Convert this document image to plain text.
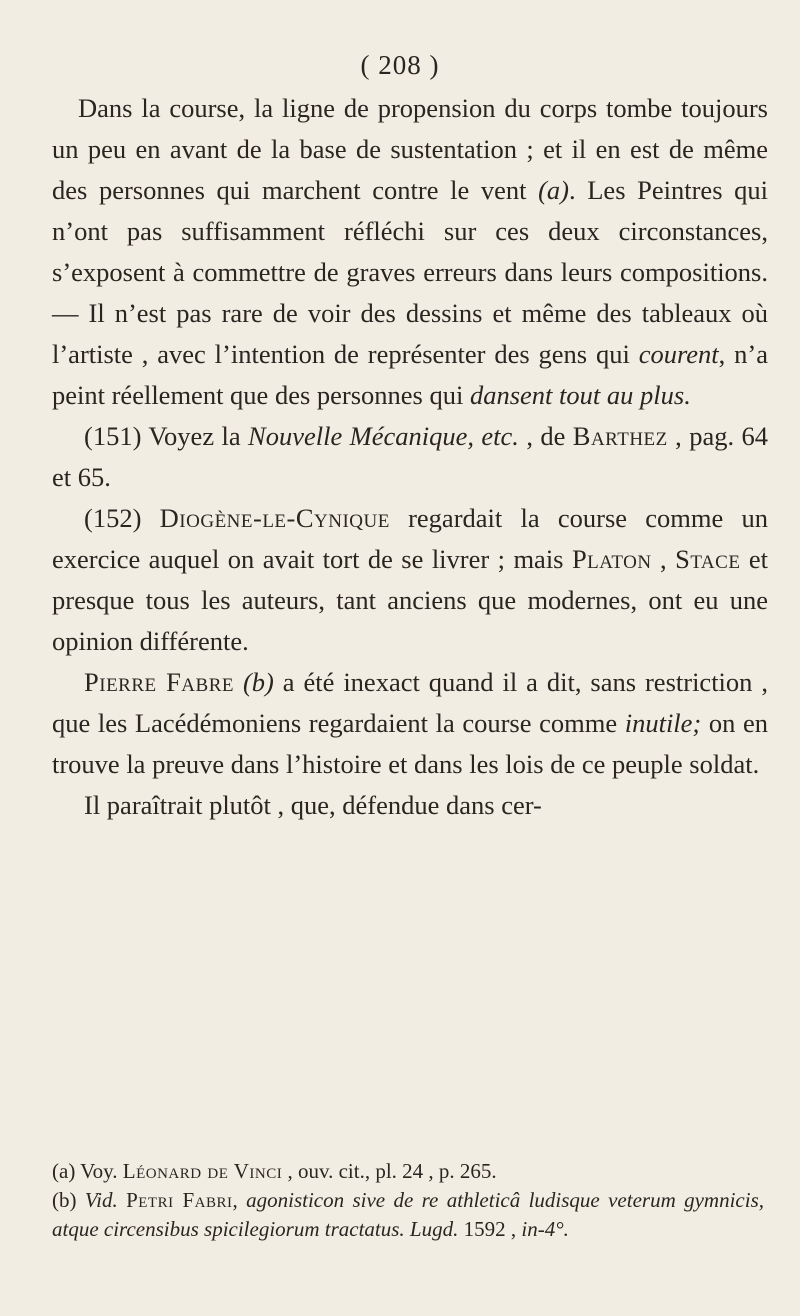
( 208 )

Dans la course, la ligne de propension du corps tombe toujours un peu en avant de la base de sustentation ; et il en est de même des personnes qui marchent contre le vent (a). Les Peintres qui n’ont pas suffisamment réfléchi sur ces deux circonstances, s’exposent à commettre de graves erreurs dans leurs compositions. — Il n’est pas rare de voir des dessins et même des tableaux où l’artiste , avec l’intention de représenter des gens qui courent, n’a peint réellement que des personnes qui dansent tout au plus.

(151) Voyez la Nouvelle Mécanique, etc. , de Barthez , pag. 64 et 65.

(152) Diogène-le-Cynique regardait la course comme un exercice auquel on avait tort de se livrer ; mais Platon , Stace et presque tous les auteurs, tant anciens que modernes, ont eu une opinion différente.

Pierre Fabre (b) a été inexact quand il a dit, sans restriction , que les Lacédémoniens regardaient la course comme inutile; on en trouve la preuve dans l’histoire et dans les lois de ce peuple soldat.

Il paraîtrait plutôt , que, défendue dans cer-

(a) Voy. Léonard de Vinci , ouv. cit., pl. 24 , p. 265.

(b) Vid. Petri Fabri, agonisticon sive de re athleticâ ludisque veterum gymnicis, atque circensibus spicilegiorum tractatus. Lugd. 1592 , in-4°.
